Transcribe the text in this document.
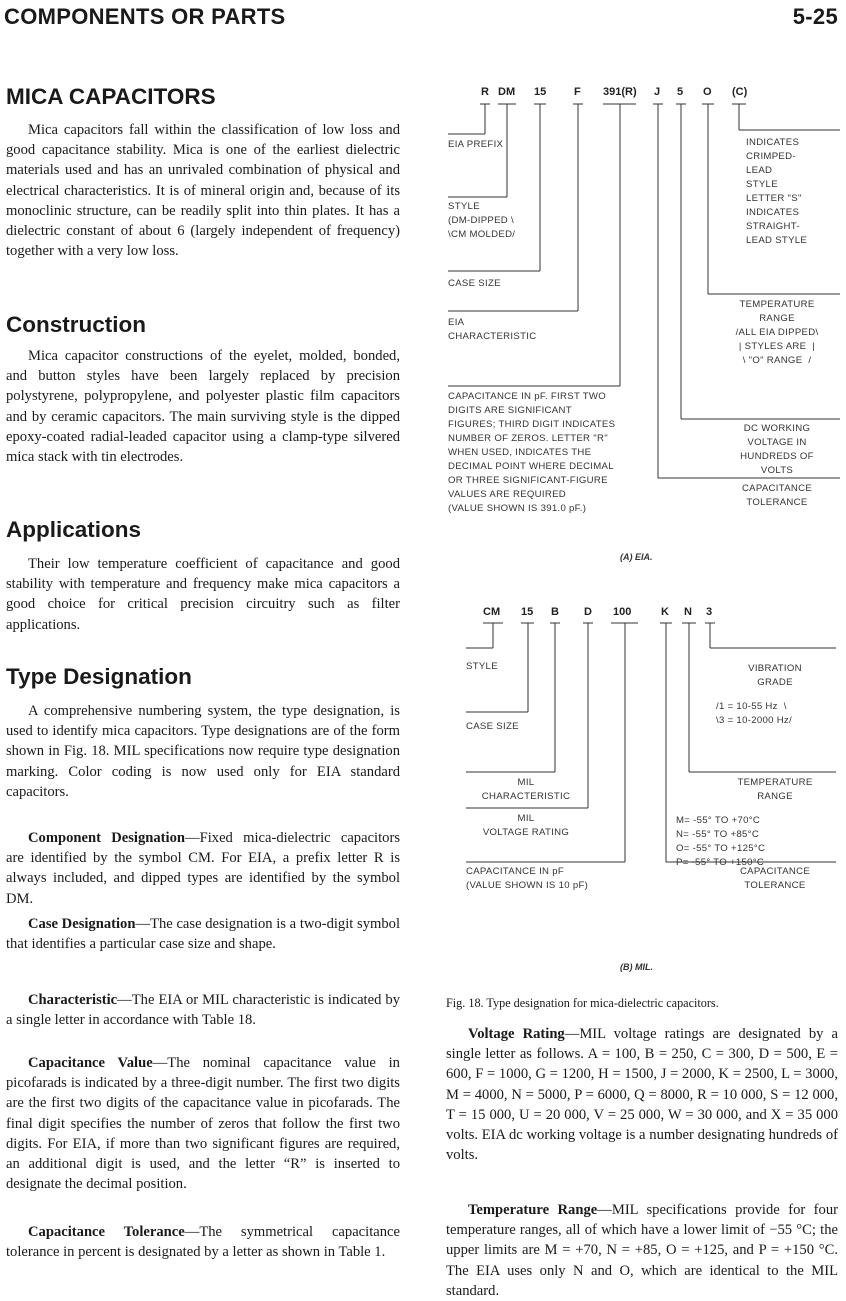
COMPONENTS OR PARTS	5-25
MICA CAPACITORS

Mica capacitors fall within the classification of low loss and good capacitance stability. Mica is one of the earliest dielectric materials used and has an unrivaled combination of physical and electrical characteristics. It is of mineral origin and, because of its monoclinic structure, can be readily split into thin plates. It has a dielectric constant of about 6 (largely independent of frequency) together with a very low loss.

Construction

Mica capacitor constructions of the eyelet, molded, bonded, and button styles have been largely replaced by precision polystyrene, polypropylene, and polyester plastic film capacitors and by ceramic capacitors. The main surviving style is the dipped epoxy-coated radial-leaded capacitor using a clamp-type silvered mica stack with tin electrodes.

Applications

Their low temperature coefficient of capacitance and good stability with temperature and frequency make mica capacitors a good choice for critical precision circuitry such as filter applications.

Type Designation

A comprehensive numbering system, the type designation, is used to identify mica capacitors. Type designations are of the form shown in Fig. 18. MIL specifications now require type designation marking. Color coding is now used only for EIA standard capacitors.

Component Designation—Fixed mica-dielectric capacitors are identified by the symbol CM. For EIA, a prefix letter R is always included, and dipped types are identified by the symbol DM.

Case Designation—The case designation is a two-digit symbol that identifies a particular case size and shape.

Characteristic—The EIA or MIL characteristic is indicated by a single letter in accordance with Table 18.

Capacitance Value—The nominal capacitance value in picofarads is indicated by a three-digit number. The first two digits are the first two digits of the capacitance value in picofarads. The final digit specifies the number of zeros that follow the first two digits. For EIA, if more than two significant figures are required, an additional digit is used, and the letter “R” is inserted to designate the decimal position.

Capacitance Tolerance—The symmetrical capacitance tolerance in percent is designated by a letter as shown in Table 1.

R DM 15	F 391(R) J 5 O (C)
EIA PREFIX
STYLE
(DM-DIPPED \
\CM MOLDED/
CASE SIZE
EIA
CHARACTERISTIC
CAPACITANCE IN pF. FIRST TWO
DIGITS ARE SIGNIFICANT
FIGURES; THIRD DIGIT INDICATES
NUMBER OF ZEROS. LETTER "R"
WHEN USED, INDICATES THE
DECIMAL POINT WHERE DECIMAL
OR THREE SIGNIFICANT-FIGURE
VALUES ARE REQUIRED
(VALUE SHOWN IS 391.0 pF.)
INDICATES
CRIMPED-
LEAD
STYLE
LETTER "S"
INDICATES
STRAIGHT-
LEAD STYLE
TEMPERATURE
RANGE
/ALL EIA DIPPED\
| STYLES ARE  |
\ "O" RANGE  /
DC WORKING
VOLTAGE IN
HUNDREDS OF
VOLTS
CAPACITANCE
TOLERANCE
(A) EIA.
CM 15 B D 100	K N 3
STYLE
CASE SIZE
MIL
CHARACTERISTIC
MIL
VOLTAGE RATING
CAPACITANCE IN pF
(VALUE SHOWN IS 10 pF)
VIBRATION
GRADE
/1 = 10-55 Hz  \
\3 = 10-2000 Hz/
TEMPERATURE
RANGE
M= -55° TO +70°C
N= -55° TO +85°C
O= -55° TO +125°C
P= -55° TO +150°C
CAPACITANCE
TOLERANCE
(B) MIL.
Fig. 18. Type designation for mica-dielectric capacitors.

Voltage Rating—MIL voltage ratings are designated by a single letter as follows. A = 100, B = 250, C = 300, D = 500, E = 600, F = 1000, G = 1200, H = 1500, J = 2000, K = 2500, L = 3000, M = 4000, N = 5000, P = 6000, Q = 8000, R = 10 000, S = 12 000, T = 15 000, U = 20 000, V = 25 000, W = 30 000, and X = 35 000 volts. EIA dc working voltage is a number designating hundreds of volts.

Temperature Range—MIL specifications provide for four temperature ranges, all of which have a lower limit of −55 °C; the upper limits are M = +70, N = +85, O = +125, and P = +150 °C. The EIA uses only N and O, which are identical to the MIL standard.
